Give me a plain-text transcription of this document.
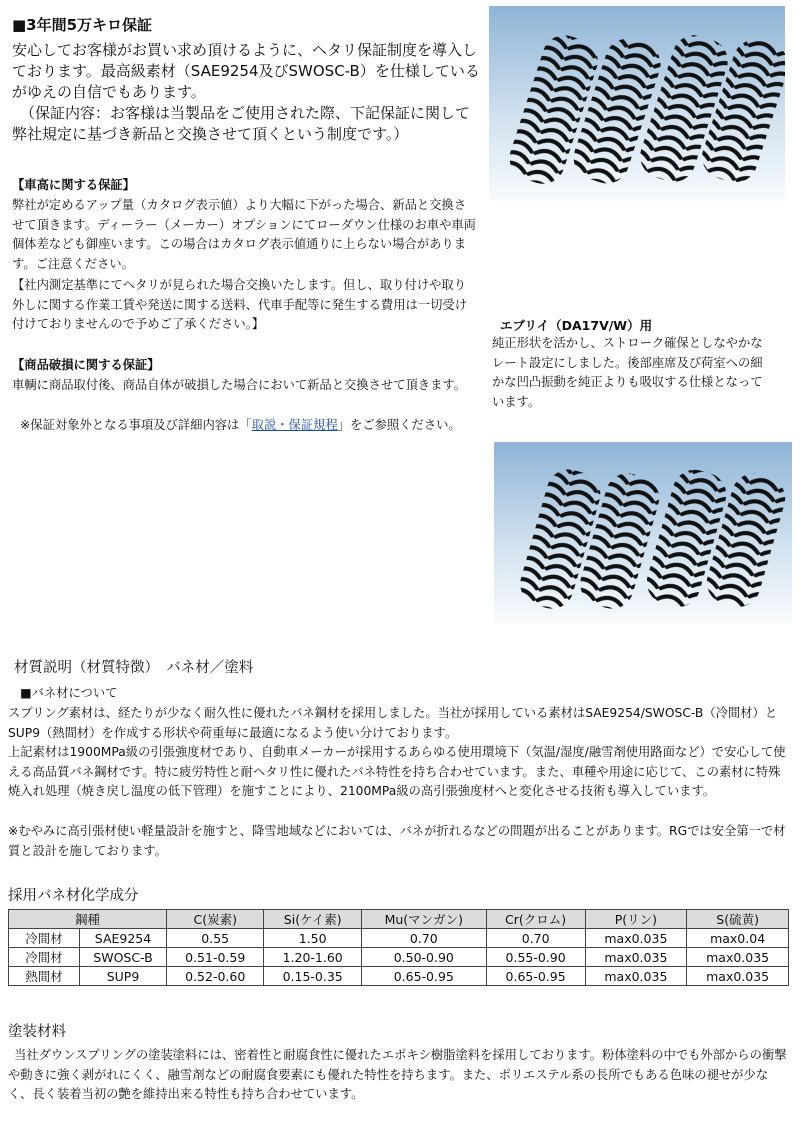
■3年間5万キロ保証
安心してお客様がお買い求め頂けるように、ヘタリ保証制度を導入しております。最高級素材（SAE9254及びSWOSC-B）を仕様しているがゆえの自信でもあります。
（保証内容：お客様は当製品をご使用された際、下記保証に関して弊社規定に基づき新品と交換させて頂くという制度です。）
【車高に関する保証】
弊社が定めるアップ量（カタログ表示値）より大幅に下がった場合、新品と交換させて頂きます。ディーラー（メーカー）オプションにてローダウン仕様のお車や車両個体差なども御座います。この場合はカタログ表示値通りに上らない場合があります。ご注意ください。
【社内測定基準にてヘタリが見られた場合交換いたします。但し、取り付けや取り外しに関する作業工賃や発送に関する送料、代車手配等に発生する費用は一切受け付けておりませんので予めご了承ください。】
【商品破損に関する保証】
車輌に商品取付後、商品自体が破損した場合において新品と交換させて頂きます。
※保証対象外となる事項及び詳細内容は「取説・保証規程」をご参照ください。
エブリイ（DA17V/W）用
純正形状を活かし、ストローク確保としなやかなレート設定にしました。後部座席及び荷室への細かな凹凸振動を純正よりも吸収する仕様となっています。
材質説明（材質特徴）　バネ材／塗料
■バネ材について
スプリング素材は、経たりが少なく耐久性に優れたバネ鋼材を採用しました。当社が採用している素材はSAE9254/SWOSC-B（冷間材）とSUP9（熱間材）を作成する形状や荷重毎に最適になるよう使い分けております。
上記素材は1900MPa級の引張強度材であり、自動車メーカーが採用するあらゆる使用環境下（気温/湿度/融雪剤使用路面など）で安心して使える高品質バネ鋼材です。特に疲労特性と耐ヘタリ性に優れたバネ特性を持ち合わせています。また、車種や用途に応じて、この素材に特殊焼入れ処理（焼き戻し温度の低下管理）を施すことにより、2100MPa級の高引張強度材へと変化させる技術も導入しています。
※むやみに高引張材使い軽量設計を施すと、降雪地域などにおいては、バネが折れるなどの問題が出ることがあります。RGでは安全第一で材質と設計を施しております。
採用バネ材化学成分
鋼種		C(炭素)	Si(ケイ素)	Mu(マンガン)	Cr(クロム)	P(リン)	S(硫黄)
冷間材	SAE9254	0.55	1.50	0.70	0.70	max0.035	max0.04
冷間材	SWOSC-B	0.51-0.59	1.20-1.60	0.50-0.90	0.55-0.90	max0.035	max0.035
熱間材	SUP9	0.52-0.60	0.15-0.35	0.65-0.95	0.65-0.95	max0.035	max0.035
塗装材料
当社ダウンスプリングの塗装塗料には、密着性と耐腐食性に優れたエポキシ樹脂塗料を採用しております。粉体塗料の中でも外部からの衝撃や動きに強く剥がれにくく、融雪剤などの耐腐食要素にも優れた特性を持ちます。また、ポリエステル系の長所でもある色味の褪せが少なく、長く装着当初の艶を維持出来る特性も持ち合わせています。
